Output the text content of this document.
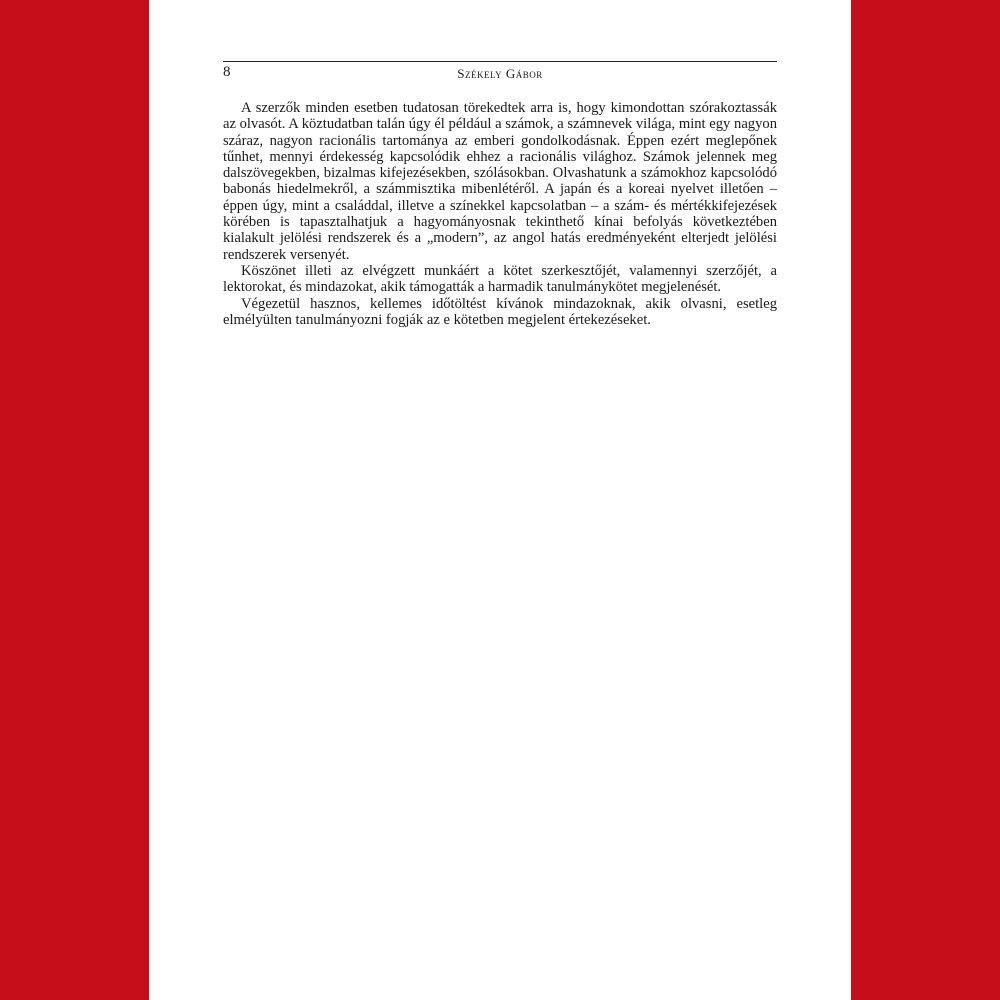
8	Székely Gábor

A szerzők minden esetben tudatosan törekedtek arra is, hogy kimondottan szórakoztassák az olvasót. A köztudatban talán úgy él például a számok, a számnevek világa, mint egy nagyon száraz, nagyon racionális tartománya az emberi gondolkodásnak. Éppen ezért meglepőnek tűnhet, mennyi érdekesség kapcsolódik ehhez a racionális világhoz. Számok jelennek meg dalszövegekben, bizalmas kifejezésekben, szólásokban. Olvashatunk a számokhoz kapcsolódó babonás hiedelmekről, a számmisztika mibenlétéről. A japán és a koreai nyelvet illetően – éppen úgy, mint a családdal, illetve a színekkel kapcsolatban – a szám- és mértékkifejezések körében is tapasztalhatjuk a hagyományosnak tekinthető kínai befolyás következtében kialakult jelölési rendszerek és a „modern”, az angol hatás eredményeként elterjedt jelölési rendszerek versenyét.

Köszönet illeti az elvégzett munkáért a kötet szerkesztőjét, valamennyi szerzőjét, a lektorokat, és mindazokat, akik támogatták a harmadik tanulmánykötet megjelenését.

Végezetül hasznos, kellemes időtöltést kívánok mindazoknak, akik olvasni, esetleg elmélyülten tanulmányozni fogják az e kötetben megjelent értekezéseket.
